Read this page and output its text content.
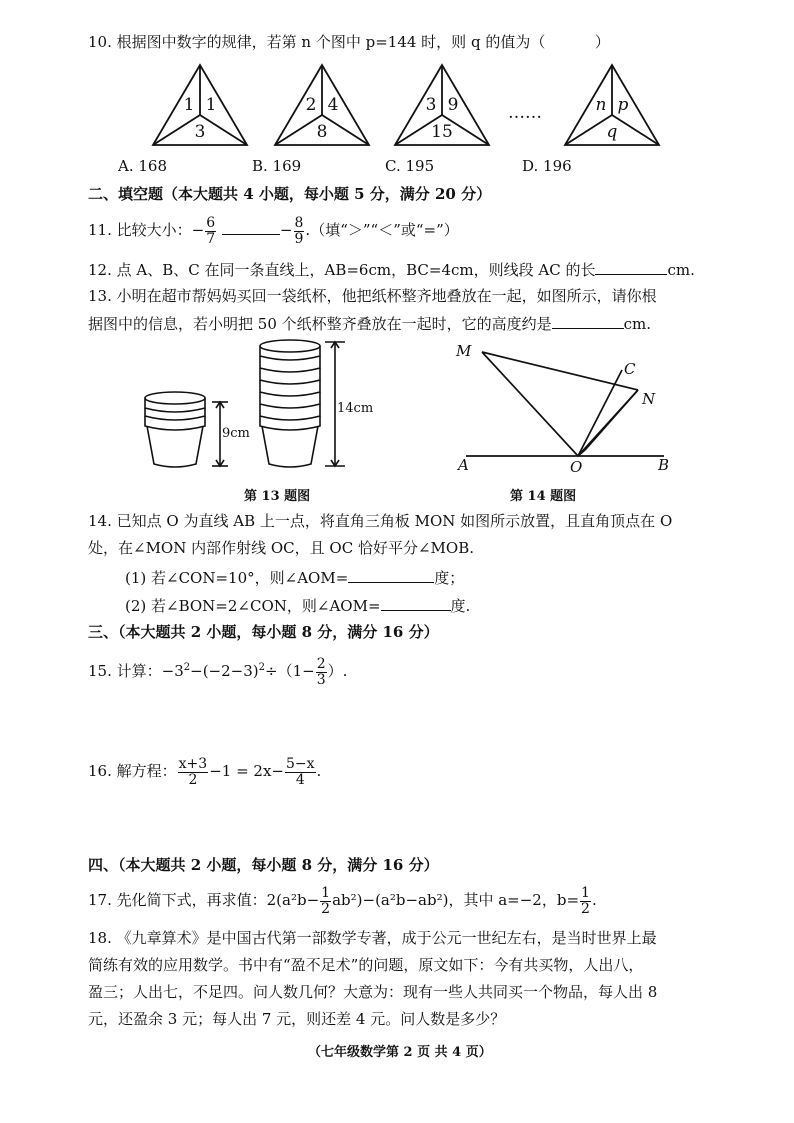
10. 根据图中数字的规律，若第 n 个图中 p=144 时，则 q 的值为（	）
1 1
3
2 4
8
3 9
15
……	n p
q
A. 168	B. 169	C. 195	D. 196
二、填空题（本大题共 4 小题，每小题 5 分，满分 20 分）
11. 比较大小：− $\frac{6}{7}$	− $\frac{8}{9}$ .（填“＞”“＜”或“=”）
12. 点 A、B、C 在同一条直线上，AB=6cm，BC=4cm，则线段 AC 的长	cm.
13. 小明在超市帮妈妈买回一袋纸杯，他把纸杯整齐地叠放在一起，如图所示，请你根
据图中的信息，若小明把 50 个纸杯整齐叠放在一起时，它的高度约是	cm.
9cm
14cm
第 13 题图
M
C
N
A	O	B
第 14 题图
14. 已知点 O 为直线 AB 上一点，将直角三角板 MON 如图所示放置，且直角顶点在 O
处，在∠MON 内部作射线 OC，且 OC 恰好平分∠MOB.
(1) 若∠CON=10°，则∠AOM=	度；
(2) 若∠BON=2∠CON，则∠AOM=	度.
三、（本大题共 2 小题，每小题 8 分，满分 16 分）
15. 计算：$-3^2-(-2-3)^2\div(1- \frac{2}{3}$ ）.
16. 解方程： $\frac{x+3}{2} -1 = 2x- \frac{5-x}{4}$ .
四、（本大题共 2 小题，每小题 8 分，满分 16 分）
17. 先化简下式，再求值：$2(a^2b- \frac{1}{2} ab^2)-(a^2b-ab^2)$，其中 a=−2，$b= \frac{1}{2}$ .
18. 《九章算术》是中国古代第一部数学专著，成于公元一世纪左右，是当时世界上最
简练有效的应用数学。书中有“盈不足术”的问题，原文如下：今有共买物，人出八，
盈三；人出七，不足四。问人数几何？大意为：现有一些人共同买一个物品，每人出 8
元，还盈余 3 元；每人出 7 元，则还差 4 元。问人数是多少？
（七年级数学第 2 页 共 4 页）
